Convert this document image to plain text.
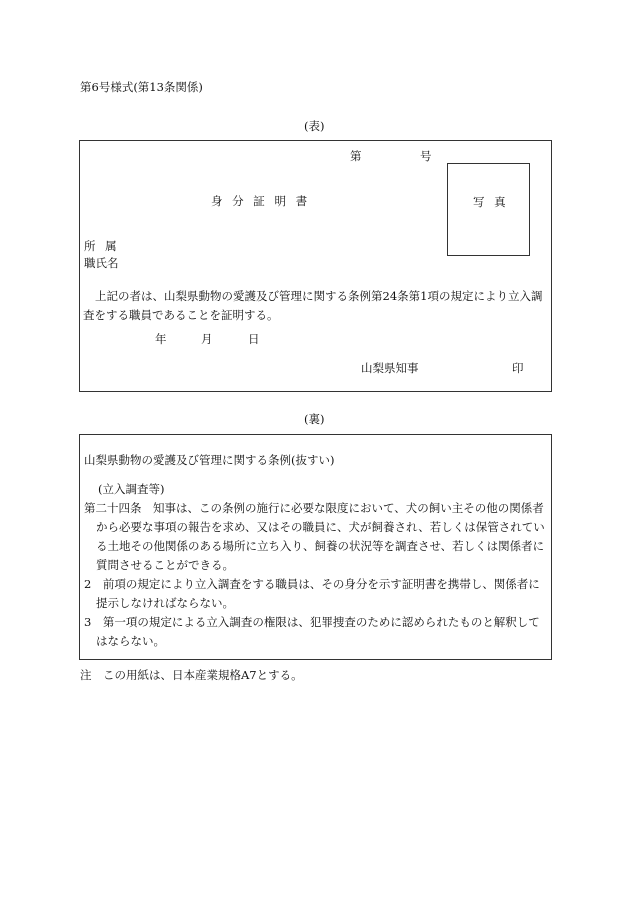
第6号様式(第13条関係)
(表)
第	号
身 分 証 明 書	写 真
所 属
職氏名
上記の者は、山梨県動物の愛護及び管理に関する条例第24条第1項の規定により立入調
査をする職員であることを証明する。
年	月	日
山梨県知事	印
(裏)
山梨県動物の愛護及び管理に関する条例(抜すい)
(立入調査等)
第二十四条　知事は、この条例の施行に必要な限度において、犬の飼い主その他の関係者
から必要な事項の報告を求め、又はその職員に、犬が飼養され、若しくは保管されてい
る土地その他関係のある場所に立ち入り、飼養の状況等を調査させ、若しくは関係者に
質問させることができる。
2　前項の規定により立入調査をする職員は、その身分を示す証明書を携帯し、関係者に
提示しなければならない。
3　第一項の規定による立入調査の権限は、犯罪捜査のために認められたものと解釈して
はならない。
注　この用紙は、日本産業規格A7とする。
